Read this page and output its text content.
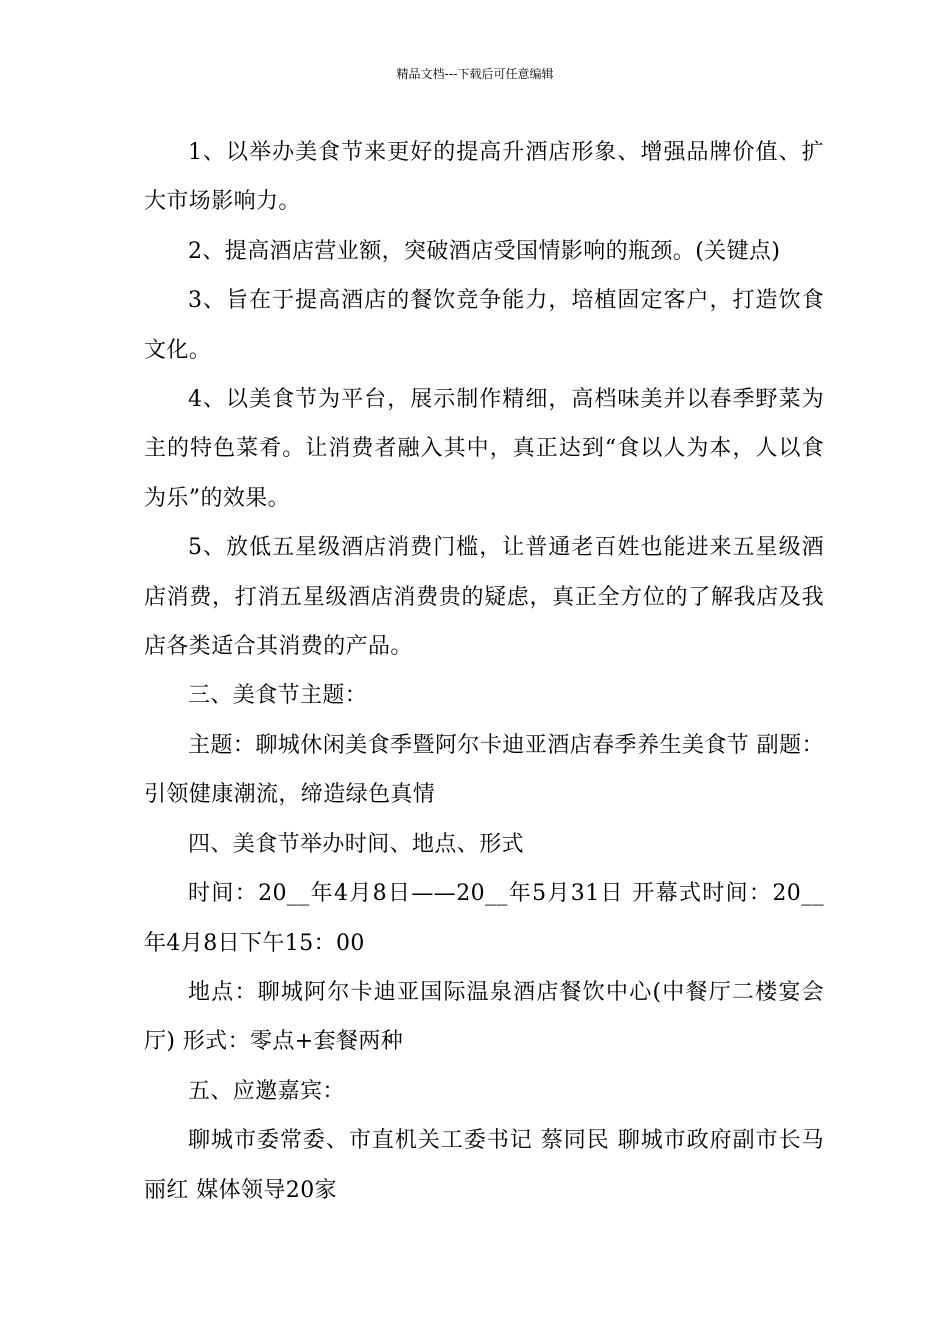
精品文档---下载后可任意编辑

1、以举办美食节来更好的提高升酒店形象、增强品牌价值、扩大市场影响力。

2、提高酒店营业额，突破酒店受国情影响的瓶颈。(关键点)

3、旨在于提高酒店的餐饮竞争能力，培植固定客户，打造饮食文化。

4、以美食节为平台，展示制作精细，高档味美并以春季野菜为主的特色菜肴。让消费者融入其中，真正达到“食以人为本，人以食为乐”的效果。

5、放低五星级酒店消费门槛，让普通老百姓也能进来五星级酒店消费，打消五星级酒店消费贵的疑虑，真正全方位的了解我店及我店各类适合其消费的产品。

三、美食节主题：

主题：聊城休闲美食季暨阿尔卡迪亚酒店春季养生美食节 副题：引领健康潮流，缔造绿色真情

四、美食节举办时间、地点、形式

时间：20__年4月8日——20__年5月31日 开幕式时间：20__年4月8日下午15：00

地点：聊城阿尔卡迪亚国际温泉酒店餐饮中心(中餐厅二楼宴会厅) 形式：零点+套餐两种

五、应邀嘉宾：

聊城市委常委、市直机关工委书记 蔡同民 聊城市政府副市长马丽红 媒体领导20家
